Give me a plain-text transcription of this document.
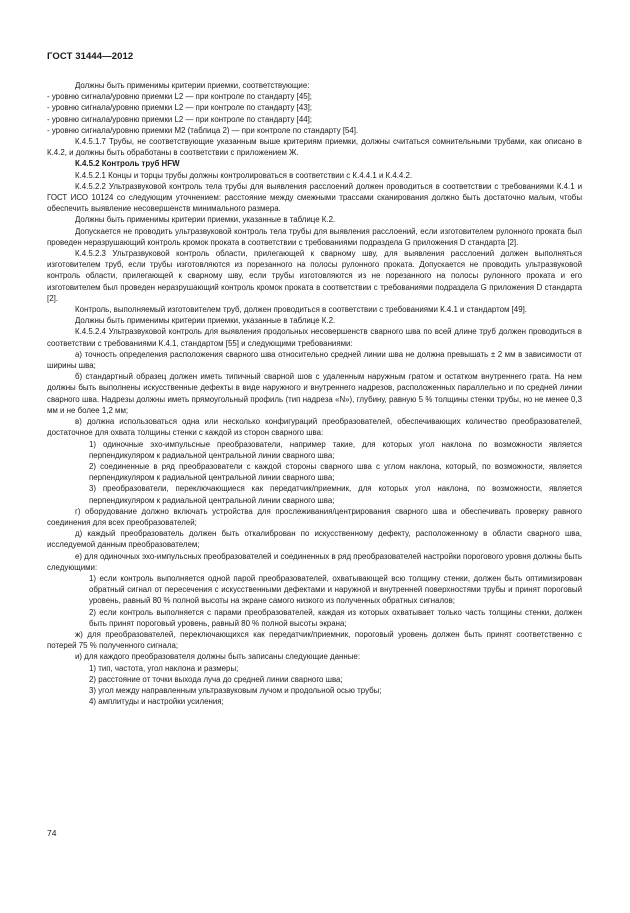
ГОСТ 31444—2012

Должны быть применимы критерии приемки, соответствующие:

- уровню сигнала/уровню приемки L2 — при контроле по стандарту [45];

- уровню сигнала/уровню приемки L2 — при контроле по стандарту [43];

- уровню сигнала/уровню приемки L2 — при контроле по стандарту [44];

- уровню сигнала/уровню приемки M2 (таблица 2) — при контроле по стандарту [54].

К.4.5.1.7 Трубы, не соответствующие указанным выше критериям приемки, должны считаться сомнительными трубами, как описано в К.4.2, и должны быть обработаны в соответствии с приложением Ж.

К.4.5.2 Контроль труб HFW

К.4.5.2.1 Концы и торцы трубы должны контролироваться в соответствии с К.4.4.1 и К.4.4.2.

К.4.5.2.2 Ультразвуковой контроль тела трубы для выявления расслоений должен проводиться в соответствии с требованиями К.4.1 и ГОСТ ИСО 10124 со следующим уточнением: расстояние между смежными трассами сканирования должно быть достаточно малым, чтобы обеспечить выявление несовершенств минимального размера.

Должны быть применимы критерии приемки, указанные в таблице К.2.

Допускается не проводить ультразвуковой контроль тела трубы для выявления расслоений, если изготовителем рулонного проката был проведен неразрушающий контроль кромок проката в соответствии с требованиями подраздела G приложения D стандарта [2].

К.4.5.2.3 Ультразвуковой контроль области, прилегающей к сварному шву, для выявления расслоений должен выполняться изготовителем труб, если трубы изготовляются из порезанного на полосы рулонного проката. Допускается не проводить ультразвуковой контроль области, прилегающей к сварному шву, если трубы изготовляются из не порезанного на полосы рулонного проката и его изготовителем был проведен неразрушающий контроль кромок проката в соответствии с требованиями подраздела G приложения D стандарта [2].

Контроль, выполняемый изготовителем труб, должен проводиться в соответствии с требованиями К.4.1 и стандартом [49].

Должны быть применимы критерии приемки, указанные в таблице К.2.

К.4.5.2.4 Ультразвуковой контроль для выявления продольных несовершенств сварного шва по всей длине труб должен проводиться в соответствии с требованиями К.4.1, стандартом [55] и следующими требованиями:

а) точность определения расположения сварного шва относительно средней линии шва не должна превышать ± 2 мм в зависимости от ширины шва;

б) стандартный образец должен иметь типичный сварной шов с удаленным наружным гратом и остатком внутреннего грата. На нем должны быть выполнены искусственные дефекты в виде наружного и внутреннего надрезов, расположенных параллельно и по средней линии сварного шва. Надрезы должны иметь прямоугольный профиль (тип надреза «N»), глубину, равную 5 % толщины стенки трубы, но не менее 0,3 мм и не более 1,2 мм;

в) должна использоваться одна или несколько конфигураций преобразователей, обеспечивающих количество преобразователей, достаточное для охвата толщины стенки с каждой из сторон сварного шва:

1) одиночные эхо-импульсные преобразователи, например такие, для которых угол наклона по возможности является перпендикуляром к радиальной центральной линии сварного шва;

2) соединенные в ряд преобразователи с каждой стороны сварного шва с углом наклона, который, по возможности, является перпендикуляром к радиальной центральной линии сварного шва;

3) преобразователи, переключающиеся как передатчик/приемник, для которых угол наклона, по возможности, является перпендикуляром к радиальной центральной линии сварного шва;

г) оборудование должно включать устройства для прослеживания/центрирования сварного шва и обеспечивать проверку равного соединения для всех преобразователей;

д) каждый преобразователь должен быть откалиброван по искусственному дефекту, расположенному в области сварного шва, исследуемой данным преобразователем;

е) для одиночных эхо-импульсных преобразователей и соединенных в ряд преобразователей настройки порогового уровня должны быть следующими:

1) если контроль выполняется одной парой преобразователей, охватывающей всю толщину стенки, должен быть оптимизирован обратный сигнал от пересечения с искусственными дефектами и наружной и внутренней поверхностями трубы и принят пороговый уровень, равный 80 % полной высоты на экране самого низкого из полученных обратных сигналов;

2) если контроль выполняется с парами преобразователей, каждая из которых охватывает только часть толщины стенки, должен быть принят пороговый уровень, равный 80 % полной высоты экрана;

ж) для преобразователей, переключающихся как передатчик/приемник, пороговый уровень должен быть принят соответственно с потерей 75 % полученного сигнала;

и) для каждого преобразователя должны быть записаны следующие данные:

1) тип, частота, угол наклона и размеры;

2) расстояние от точки выхода луча до средней линии сварного шва;

3) угол между направленным ультразвуковым лучом и продольной осью трубы;

4) амплитуды и настройки усиления;

74
